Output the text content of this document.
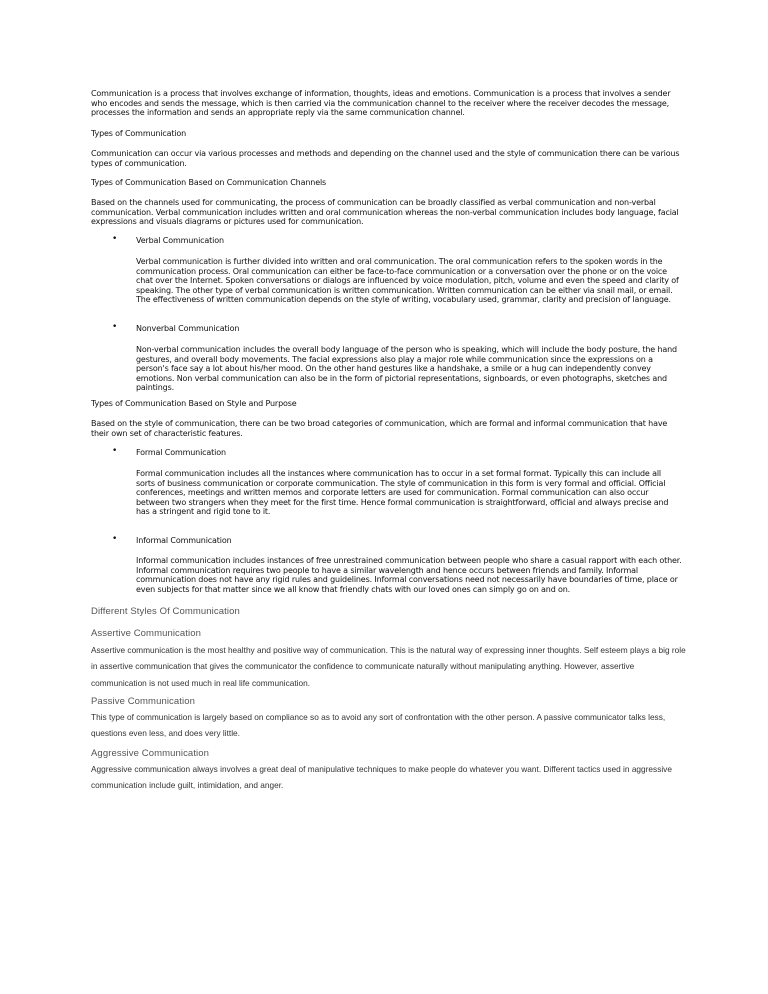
Communication is a process that involves exchange of information, thoughts, ideas and emotions. Communication is a process that involves a sender who encodes and sends the message, which is then carried via the communication channel to the receiver where the receiver decodes the message, processes the information and sends an appropriate reply via the same communication channel.

Types of Communication

Communication can occur via various processes and methods and depending on the channel used and the style of communication there can be various types of communication.

Types of Communication Based on Communication Channels

Based on the channels used for communicating, the process of communication can be broadly classified as verbal communication and non-verbal communication. Verbal communication includes written and oral communication whereas the non-verbal communication includes body language, facial expressions and visuals diagrams or pictures used for communication.

• Verbal Communication

Verbal communication is further divided into written and oral communication. The oral communication refers to the spoken words in the communication process. Oral communication can either be face-to-face communication or a conversation over the phone or on the voice chat over the Internet. Spoken conversations or dialogs are influenced by voice modulation, pitch, volume and even the speed and clarity of speaking. The other type of verbal communication is written communication. Written communication can be either via snail mail, or email. The effectiveness of written communication depends on the style of writing, vocabulary used, grammar, clarity and precision of language.

• Nonverbal Communication

Non-verbal communication includes the overall body language of the person who is speaking, which will include the body posture, the hand gestures, and overall body movements. The facial expressions also play a major role while communication since the expressions on a person's face say a lot about his/her mood. On the other hand gestures like a handshake, a smile or a hug can independently convey emotions. Non verbal communication can also be in the form of pictorial representations, signboards, or even photographs, sketches and paintings.

Types of Communication Based on Style and Purpose

Based on the style of communication, there can be two broad categories of communication, which are formal and informal communication that have their own set of characteristic features.

• Formal Communication

Formal communication includes all the instances where communication has to occur in a set formal format. Typically this can include all sorts of business communication or corporate communication. The style of communication in this form is very formal and official. Official conferences, meetings and written memos and corporate letters are used for communication. Formal communication can also occur between two strangers when they meet for the first time. Hence formal communication is straightforward, official and always precise and has a stringent and rigid tone to it.

• Informal Communication

Informal communication includes instances of free unrestrained communication between people who share a casual rapport with each other. Informal communication requires two people to have a similar wavelength and hence occurs between friends and family. Informal communication does not have any rigid rules and guidelines. Informal conversations need not necessarily have boundaries of time, place or even subjects for that matter since we all know that friendly chats with our loved ones can simply go on and on.

Different Styles Of Communication

Assertive Communication

Assertive communication is the most healthy and positive way of communication. This is the natural way of expressing inner thoughts. Self esteem plays a big role in assertive communication that gives the communicator the confidence to communicate naturally without manipulating anything. However, assertive communication is not used much in real life communication.

Passive Communication

This type of communication is largely based on compliance so as to avoid any sort of confrontation with the other person. A passive communicator talks less, questions even less, and does very little.

Aggressive Communication

Aggressive communication always involves a great deal of manipulative techniques to make people do whatever you want. Different tactics used in aggressive communication include guilt, intimidation, and anger.
